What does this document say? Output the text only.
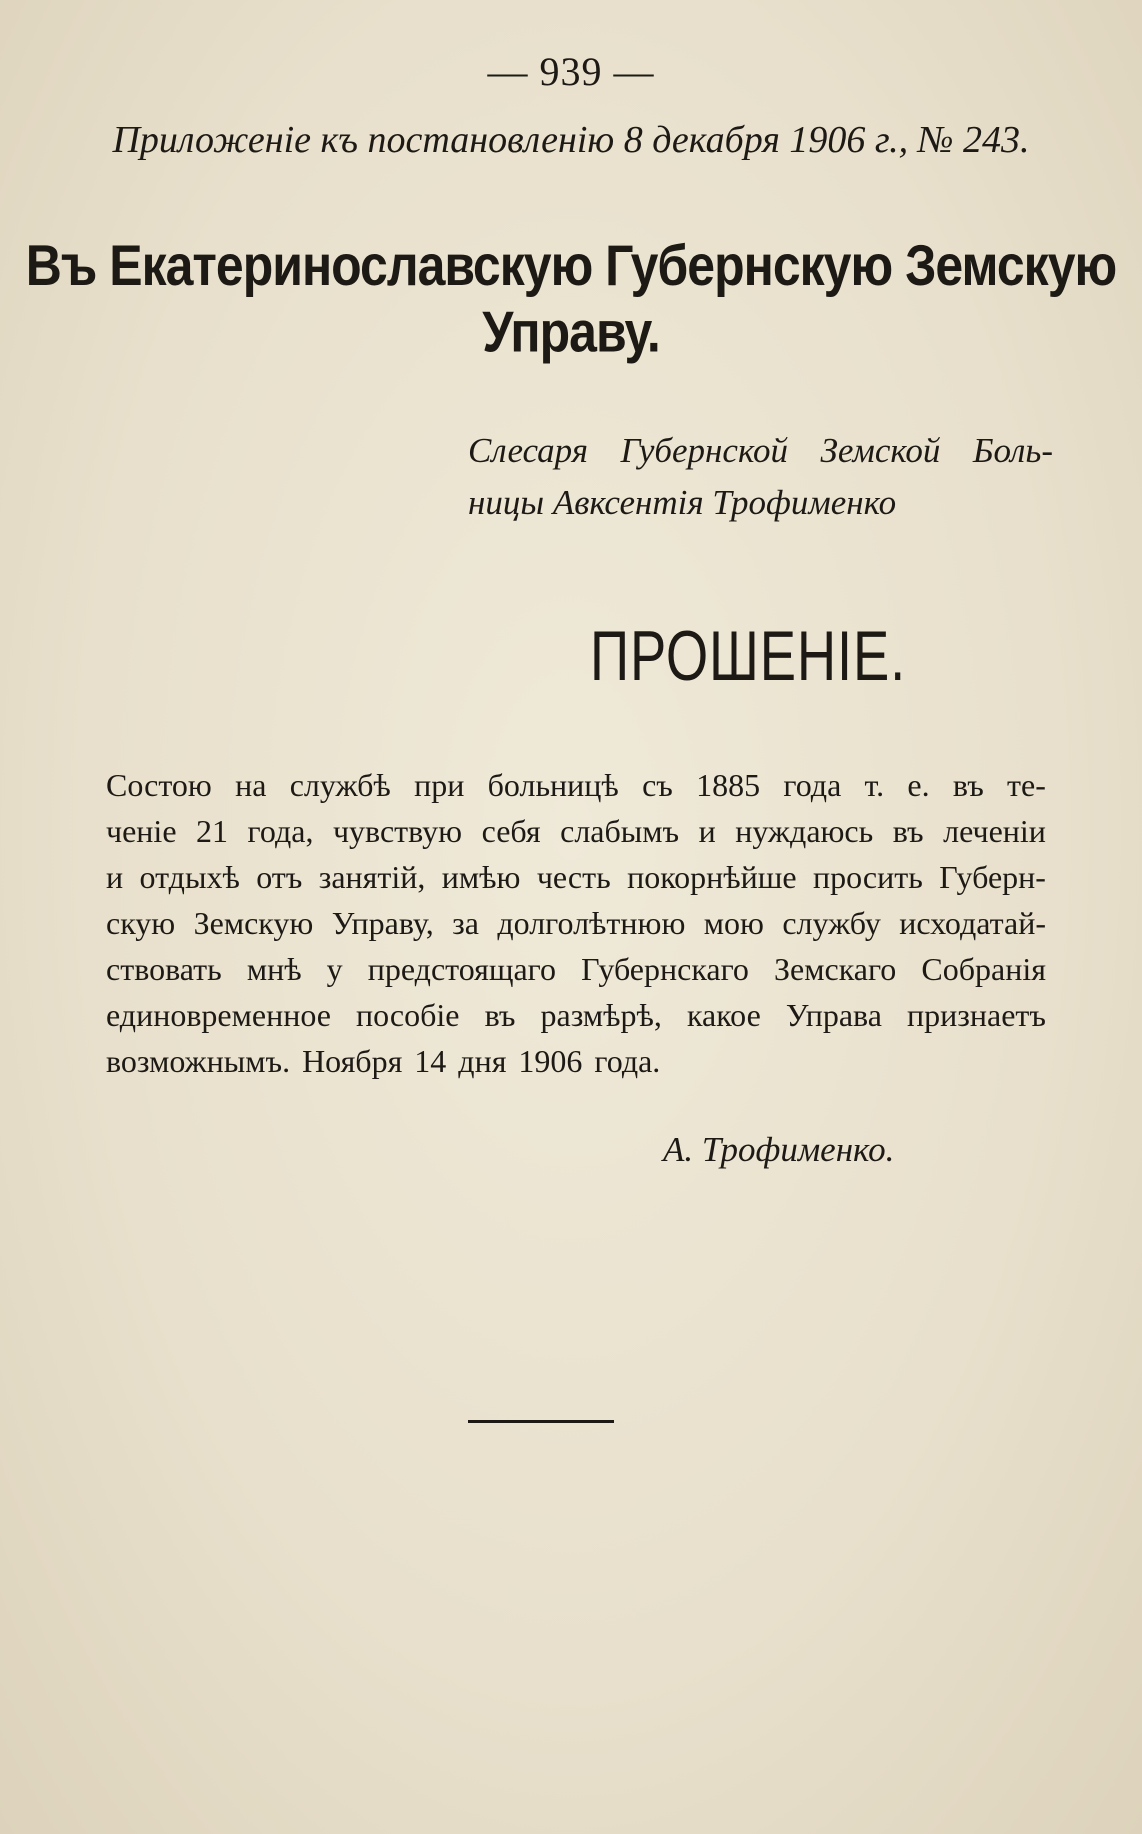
— 939 —
Приложеніе къ постановленію 8 декабря 1906 г., № 243.
Въ Екатеринославскую Губернскую Земскую Управу.
Слесаря Губернской Земской Боль-
ницы Авксентія Трофименко
ПРОШЕНІЕ.
Состою на службѣ при больницѣ съ 1885 года т. е. въ те-
ченіе 21 года, чувствую себя слабымъ и нуждаюсь въ леченіи
и отдыхѣ отъ занятій, имѣю честь покорнѣйше просить Губерн-
скую Земскую Управу, за долголѣтнюю мою службу исходатай-
ствовать мнѣ у предстоящаго Губернскаго Земскаго Собранія
единовременное пособіе въ размѣрѣ, какое Управа признаетъ
возможнымъ. Ноября 14 дня 1906 года.
А. Трофименко.
